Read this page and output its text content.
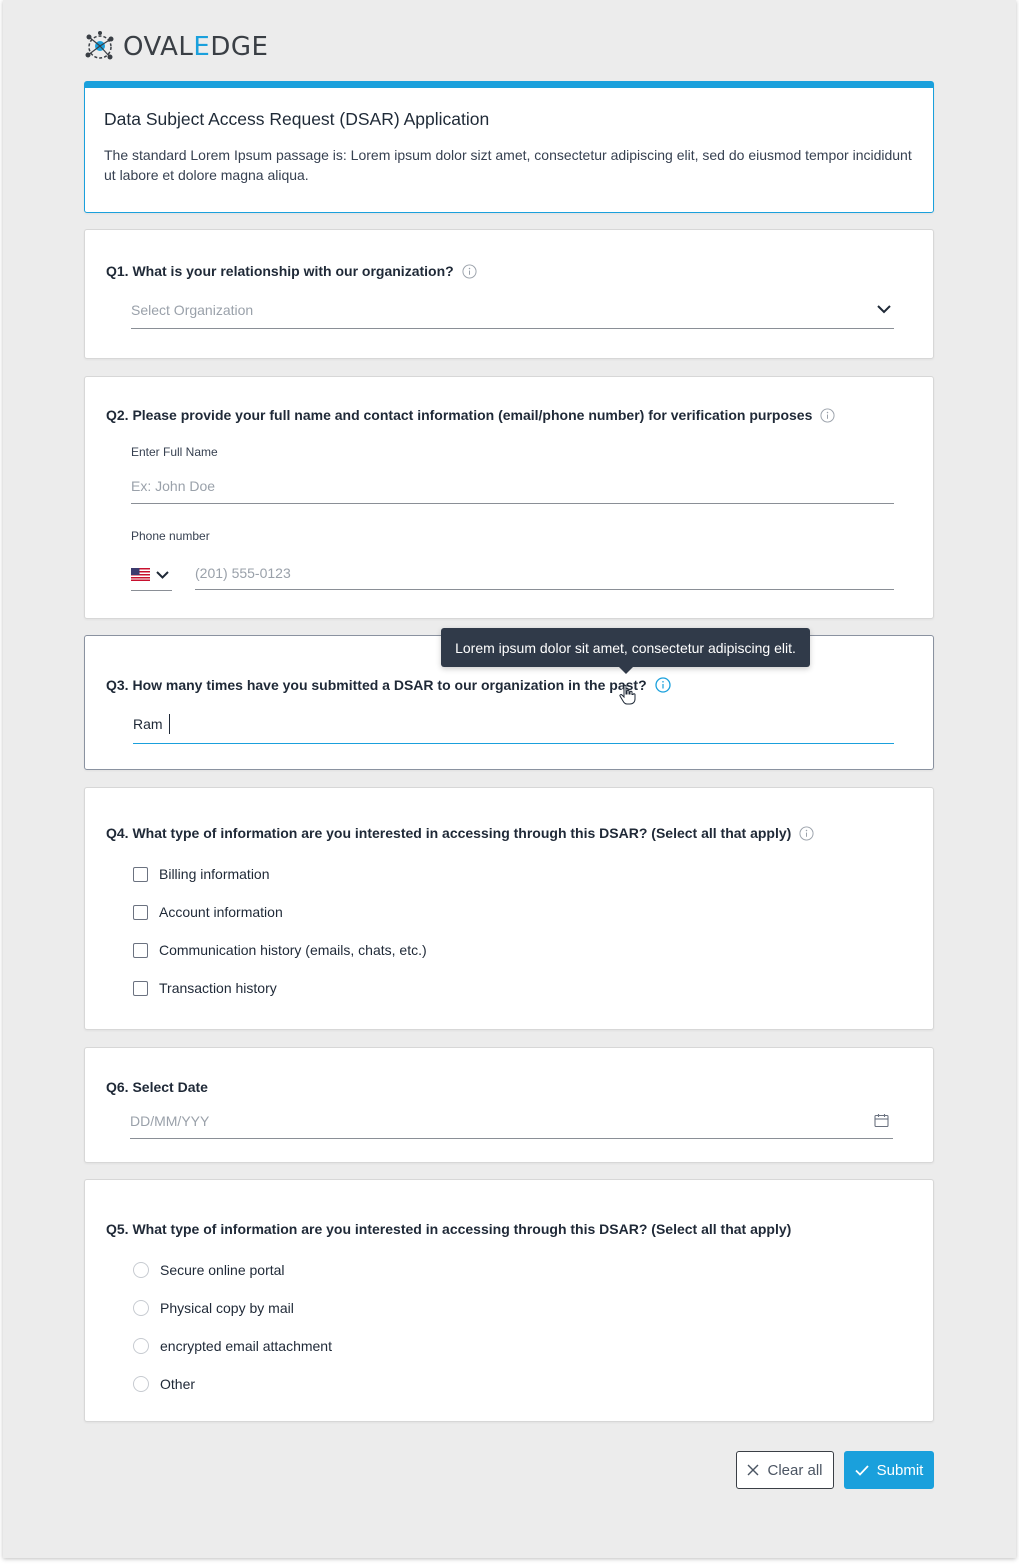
OVALEDGE
Data Subject Access Request (DSAR) Application

The standard Lorem Ipsum passage is: Lorem ipsum dolor sizt amet, consectetur adipiscing elit, sed do eiusmod tempor incididunt ut labore et dolore magna aliqua.

Q1. What is your relationship with our organization?
Select Organization
Q2. Please provide your full name and contact information (email/phone number) for verification purposes
Enter Full Name
Ex: John Doe
Phone number
(201) 555-0123
Q3. How many times have you submitted a DSAR to our organization in the past?
Ram
Lorem ipsum dolor sit amet, consectetur adipiscing elit.
Q4. What type of information are you interested in accessing through this DSAR? (Select all that apply)
Billing information
Account information
Communication history (emails, chats, etc.)
Transaction history
Q6. Select Date
DD/MM/YYY
Q5. What type of information are you interested in accessing through this DSAR? (Select all that apply)
Secure online portal
Physical copy by mail
encrypted email attachment
Other
Clear all	Submit
